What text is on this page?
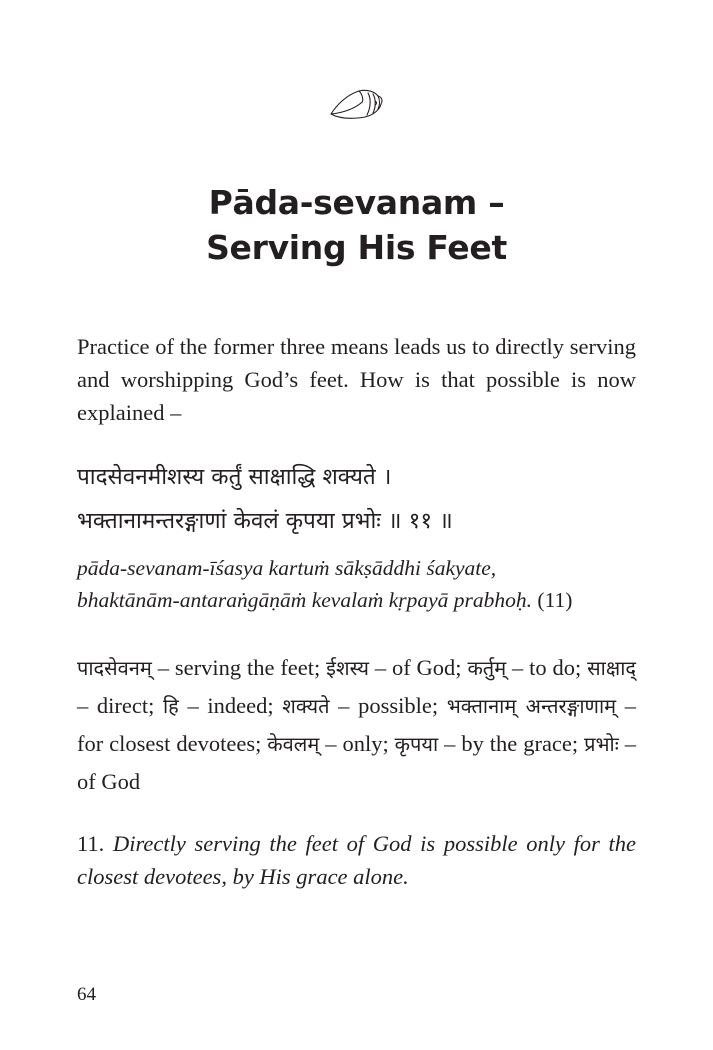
Pāda-sevanam –
Serving His Feet

Practice of the former three means leads us to directly serving and worshipping God’s feet. How is that possible is now explained –

पादसेवनमीशस्य कर्तुं साक्षाद्धि शक्यते ।
भक्तानामन्तरङ्गाणां केवलं कृपया प्रभोः ॥ ११ ॥
pāda-sevanam-īśasya kartuṁ sākṣāddhi śakyate,
bhaktānām-antaraṅgāṇāṁ kevalaṁ kṛpayā prabhoḥ. (11)

पादसेवनम् – serving the feet; ईशस्य – of God; कर्तुम् – to do; साक्षाद् – direct; हि – indeed; शक्यते – possible; भक्तानाम् अन्तरङ्गाणाम् – for closest devotees; केवलम् – only; कृपया – by the grace; प्रभोः – of God

11. Directly serving the feet of God is possible only for the closest devotees, by His grace alone.

64
